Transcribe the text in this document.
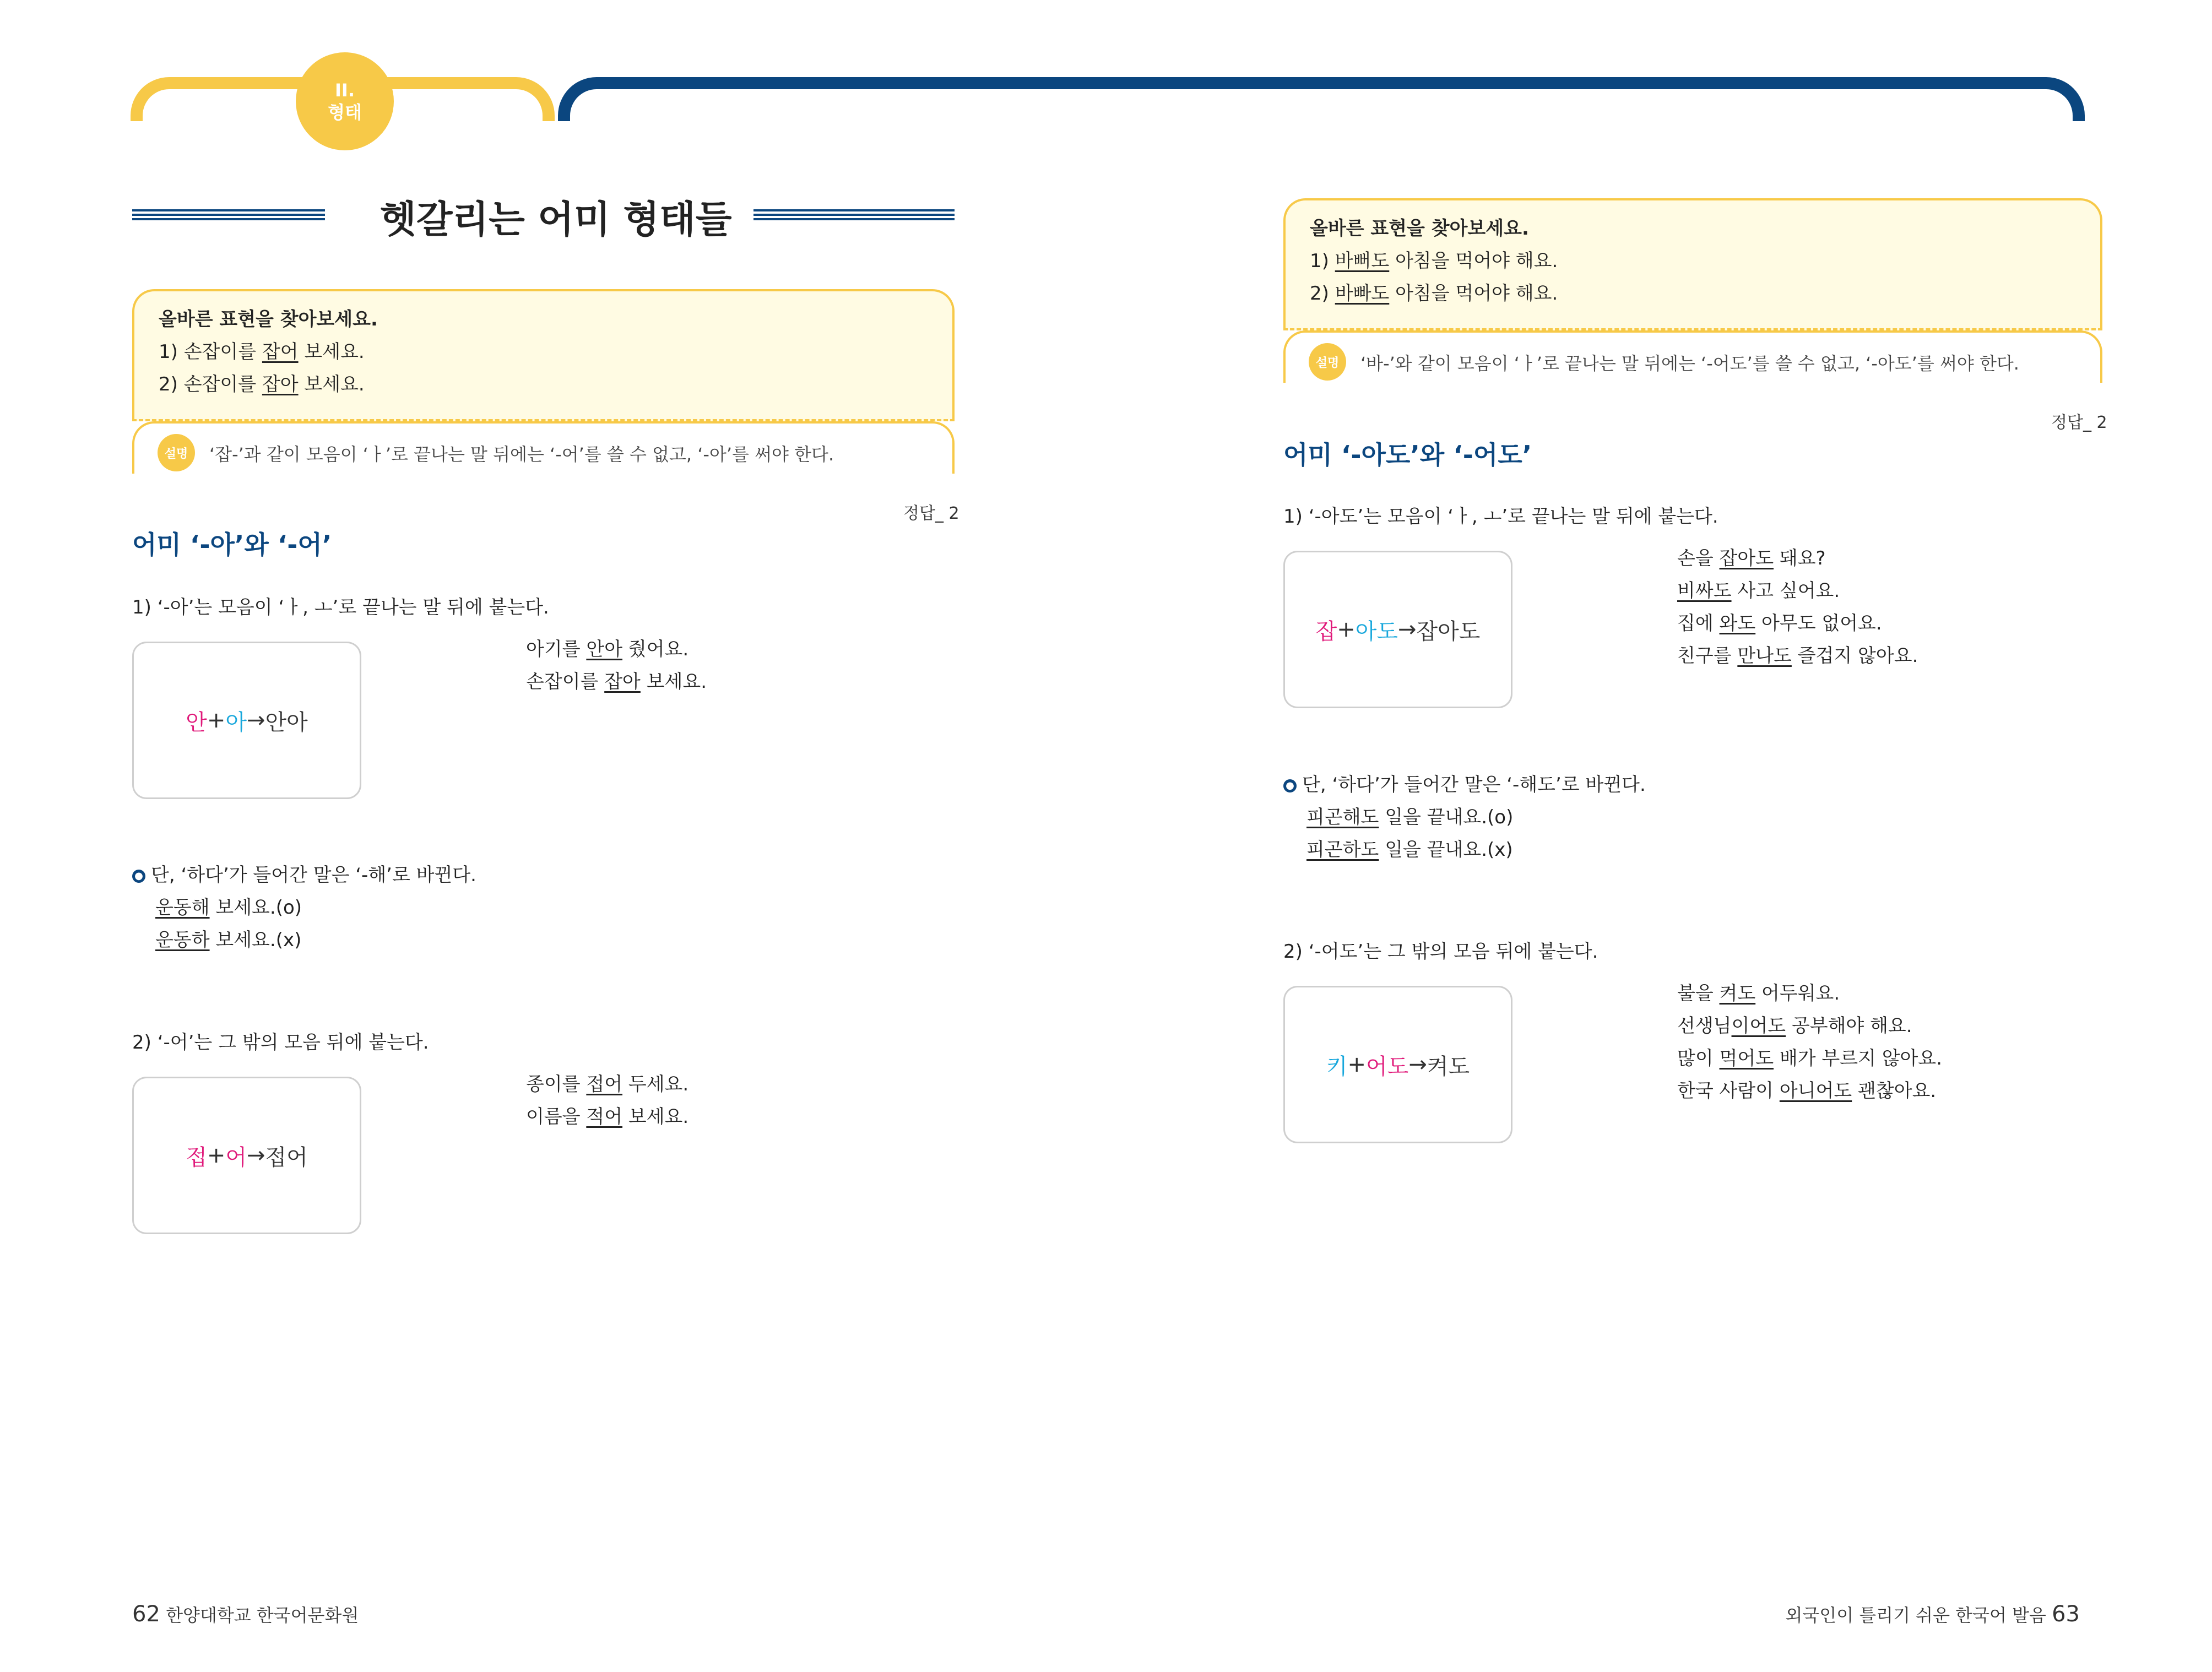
II.
형태
헷갈리는 어미 형태들
올바른 표현을 찾아보세요.
1) 손잡이를 잡어 보세요.
2) 손잡이를 잡아 보세요.
설명	‘잡-’과 같이 모음이 ‘ㅏ’로 끝나는 말 뒤에는 ‘-어’를 쓸 수 없고, ‘-아’를 써야 한다.
정답_ 2
어미 ‘-아’와 ‘-어’
1) ‘-아’는 모음이 ‘ㅏ, ㅗ’로 끝나는 말 뒤에 붙는다.
안 + 아 → 안아
아기를 안아 줬어요.
손잡이를 잡아 보세요.
● 단, ‘하다’가 들어간 말은 ‘-해’로 바뀐다.
운동해 보세요.(o)
운동하 보세요.(x)
2) ‘-어’는 그 밖의 모음 뒤에 붙는다.
접 + 어 → 접어
종이를 접어 두세요.
이름을 적어 보세요.
올바른 표현을 찾아보세요.
1) 바뻐도 아침을 먹어야 해요.
2) 바빠도 아침을 먹어야 해요.
설명	‘바-’와 같이 모음이 ‘ㅏ’로 끝나는 말 뒤에는 ‘-어도’를 쓸 수 없고, ‘-아도’를 써야 한다.
정답_ 2
어미 ‘-아도’와 ‘-어도’
1) ‘-아도’는 모음이 ‘ㅏ, ㅗ’로 끝나는 말 뒤에 붙는다.
잡 + 아도 → 잡아도
손을 잡아도 돼요?
비싸도 사고 싶어요.
집에 와도 아무도 없어요.
친구를 만나도 즐겁지 않아요.
● 단, ‘하다’가 들어간 말은 ‘-해도’로 바뀐다.
피곤해도 일을 끝내요.(o)
피곤하도 일을 끝내요.(x)
2) ‘-어도’는 그 밖의 모음 뒤에 붙는다.
키 + 어도 → 켜도
불을 켜도 어두워요.
선생님이어도 공부해야 해요.
많이 먹어도 배가 부르지 않아요.
한국 사람이 아니어도 괜찮아요.
62 한양대학교 한국어문화원	외국인이 틀리기 쉬운 한국어 발음 63
